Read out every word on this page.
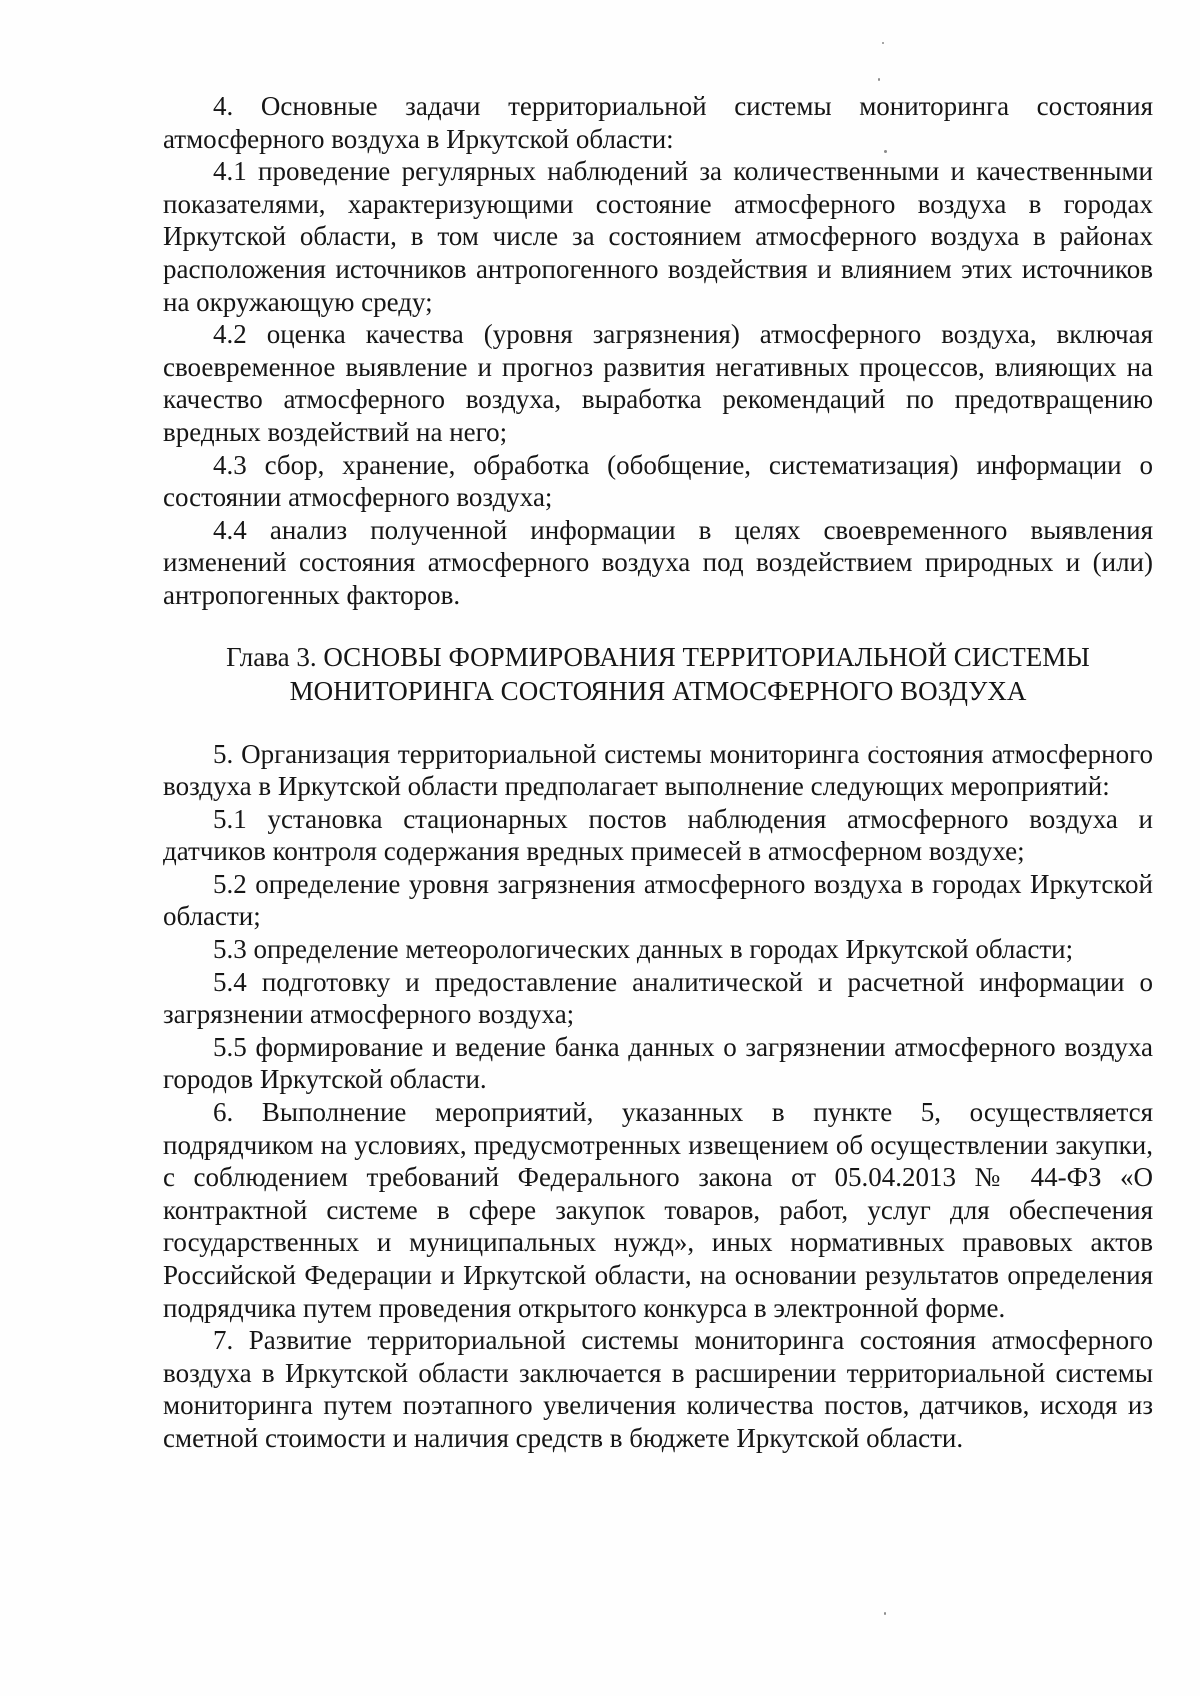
4. Основные задачи территориальной системы мониторинга состояния атмосферного воздуха в Иркутской области:

4.1 проведение регулярных наблюдений за количественными и качественными показателями, характеризующими состояние атмосферного воздуха в городах Иркутской области, в том числе за состоянием атмосферного воздуха в районах расположения источников антропогенного воздействия и влиянием этих источников на окружающую среду;

4.2 оценка качества (уровня загрязнения) атмосферного воздуха, включая своевременное выявление и прогноз развития негативных процессов, влияющих на качество атмосферного воздуха, выработка рекомендаций по предотвращению вредных воздействий на него;

4.3 сбор, хранение, обработка (обобщение, систематизация) информации о состоянии атмосферного воздуха;

4.4 анализ полученной информации в целях своевременного выявления изменений состояния атмосферного воздуха под воздействием природных и (или) антропогенных факторов.

Глава 3. ОСНОВЫ ФОРМИРОВАНИЯ ТЕРРИТОРИАЛЬНОЙ СИСТЕМЫ
МОНИТОРИНГА СОСТОЯНИЯ АТМОСФЕРНОГО ВОЗДУХА

5. Организация территориальной системы мониторинга состояния атмосферного воздуха в Иркутской области предполагает выполнение следующих мероприятий:

5.1 установка стационарных постов наблюдения атмосферного воздуха и датчиков контроля содержания вредных примесей в атмосферном воздухе;

5.2 определение уровня загрязнения атмосферного воздуха в городах Иркутской области;

5.3 определение метеорологических данных в городах Иркутской области;

5.4 подготовку и предоставление аналитической и расчетной информации о загрязнении атмосферного воздуха;

5.5 формирование и ведение банка данных о загрязнении атмосферного воздуха городов Иркутской области.

6. Выполнение мероприятий, указанных в пункте 5, осуществляется подрядчиком на условиях, предусмотренных извещением об осуществлении закупки, с соблюдением требований Федерального закона от 05.04.2013 № 44-ФЗ «О контрактной системе в сфере закупок товаров, работ, услуг для обеспечения государственных и муниципальных нужд», иных нормативных правовых актов Российской Федерации и Иркутской области, на основании результатов определения подрядчика путем проведения открытого конкурса в электронной форме.

7. Развитие территориальной системы мониторинга состояния атмосферного воздуха в Иркутской области заключается в расширении территориальной системы мониторинга путем поэтапного увеличения количества постов, датчиков, исходя из сметной стоимости и наличия средств в бюджете Иркутской области.
